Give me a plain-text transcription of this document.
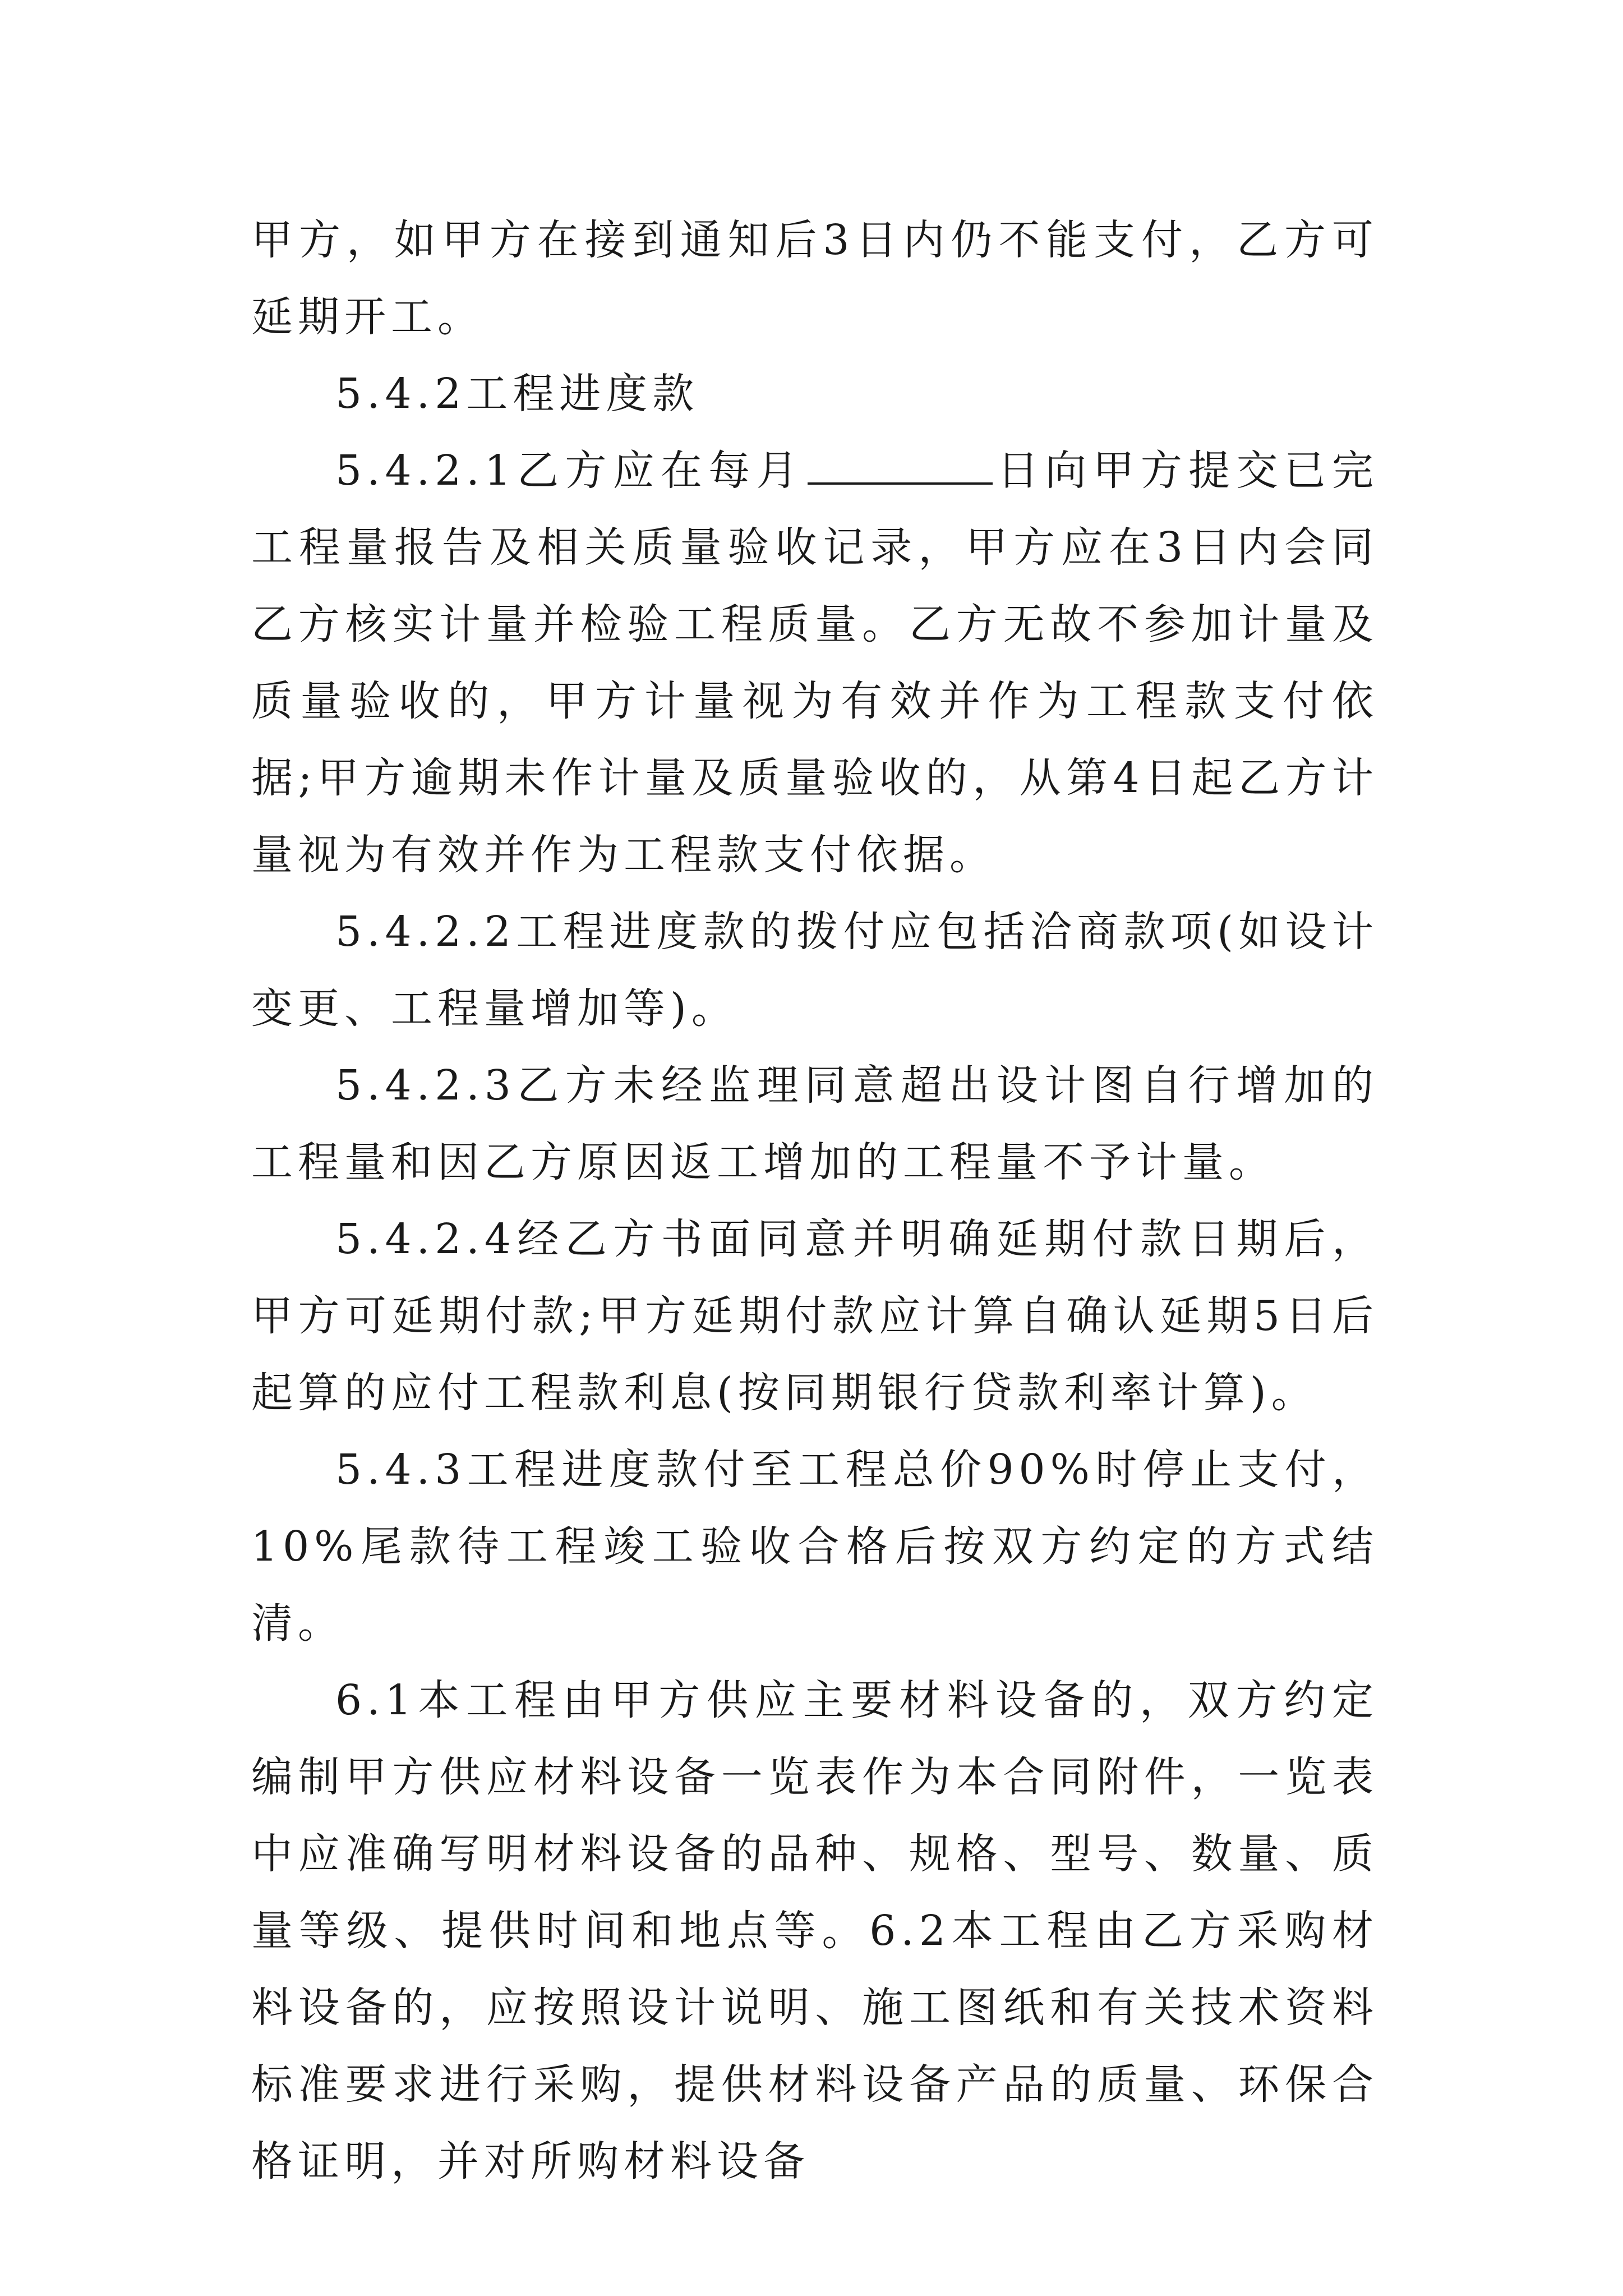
甲方，如甲方在接到通知后3日内仍不能支付，乙方可延期开工。

5.4.2工程进度款

5.4.2.1乙方应在每月	日向甲方提交已完工程量报告及相关质量验收记录，甲方应在3日内会同乙方核实计量并检验工程质量。乙方无故不参加计量及质量验收的，甲方计量视为有效并作为工程款支付依据;甲方逾期未作计量及质量验收的，从第4日起乙方计量视为有效并作为工程款支付依据。

5.4.2.2工程进度款的拨付应包括洽商款项(如设计变更、工程量增加等)。

5.4.2.3乙方未经监理同意超出设计图自行增加的工程量和因乙方原因返工增加的工程量不予计量。

5.4.2.4经乙方书面同意并明确延期付款日期后，甲方可延期付款;甲方延期付款应计算自确认延期5日后起算的应付工程款利息(按同期银行贷款利率计算)。

5.4.3工程进度款付至工程总价90%时停止支付，10%尾款待工程竣工验收合格后按双方约定的方式结清。

6.1本工程由甲方供应主要材料设备的，双方约定编制甲方供应材料设备一览表作为本合同附件，一览表中应准确写明材料设备的品种、规格、型号、数量、质量等级、提供时间和地点等。6.2本工程由乙方采购材料设备的，应按照设计说明、施工图纸和有关技术资料标准要求进行采购，提供材料设备产品的质量、环保合格证明，并对所购材料设备
